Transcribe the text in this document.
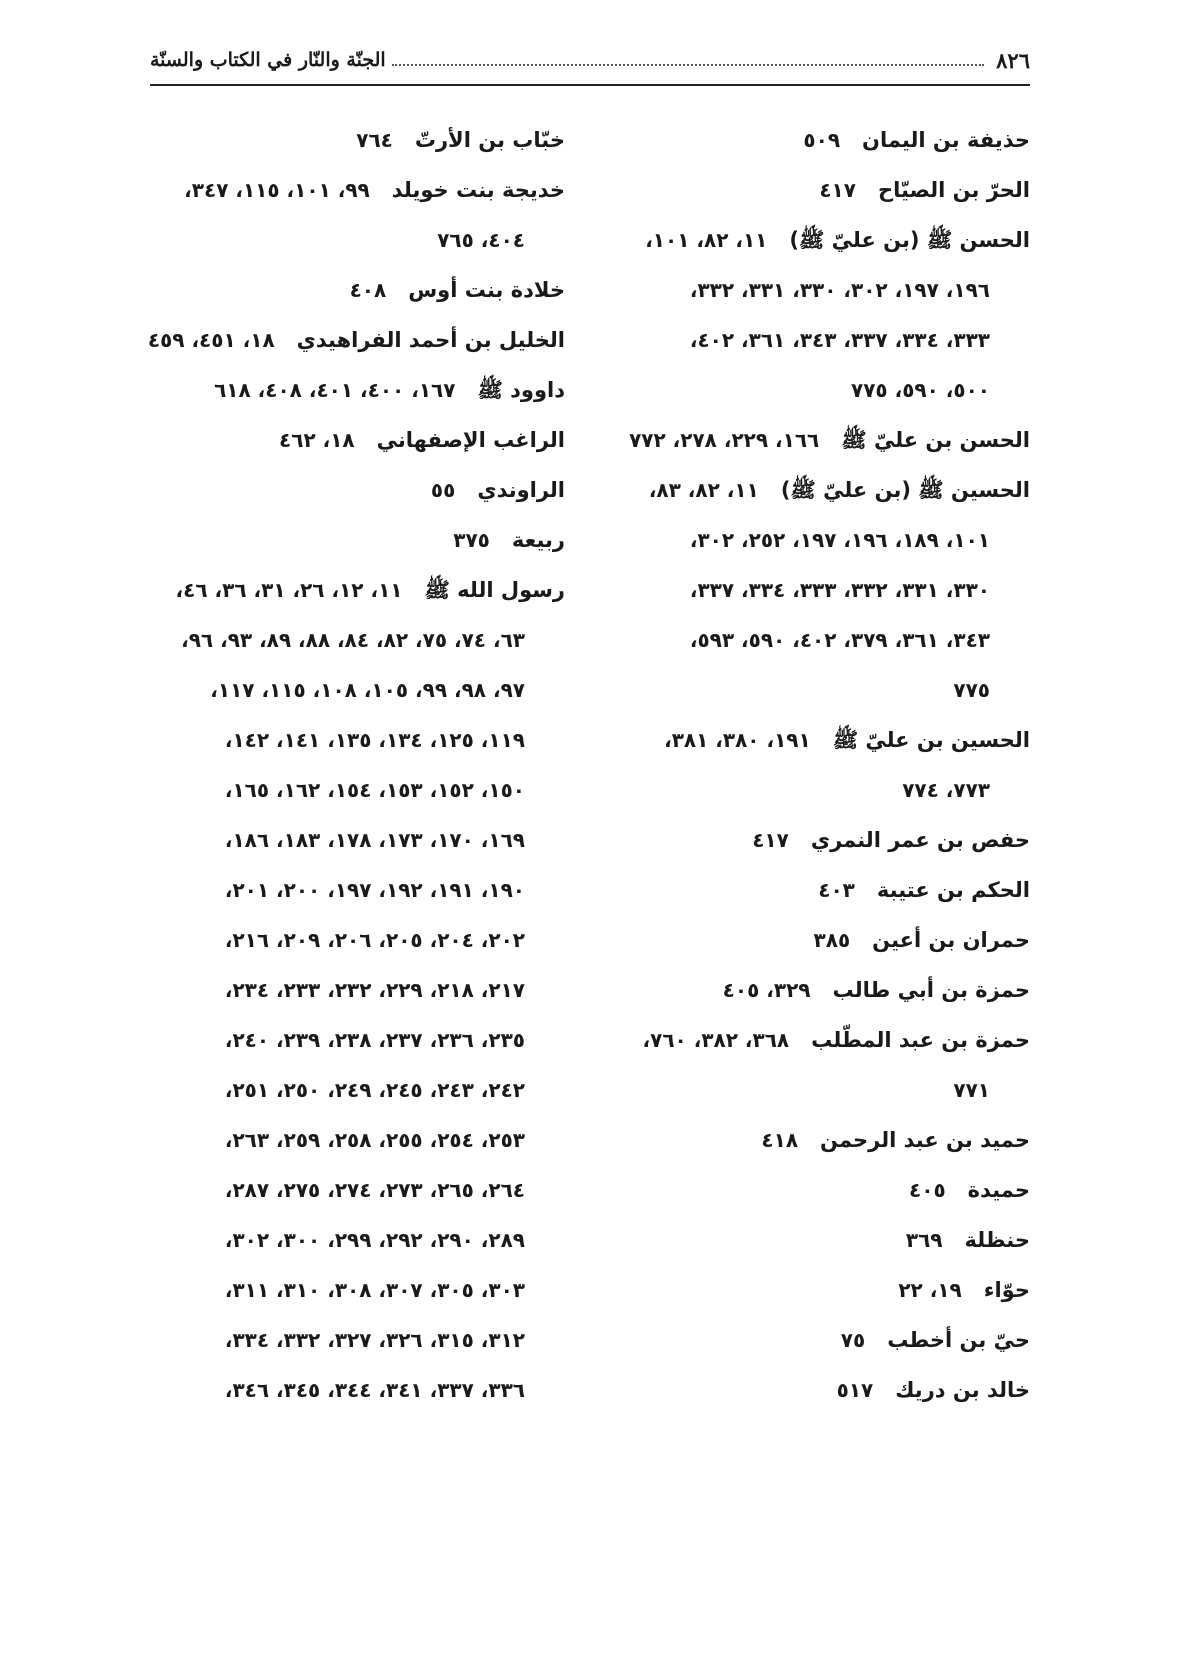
٨٢٦
الجنّة والنّار في الكتاب والسنّة
حذيفة بن اليمان٥٠٩
الحرّ بن الصيّاح٤١٧
الحسن ﷺ (بن عليّ ﷺ)١١، ٨٢، ١٠١،
١٩٦، ١٩٧، ٣٠٢، ٣٣٠، ٣٣١، ٣٣٢،
٣٣٣، ٣٣٤، ٣٣٧، ٣٤٣، ٣٦١، ٤٠٢،
٥٠٠، ٥٩٠، ٧٧٥
الحسن بن عليّ ﷺ١٦٦، ٢٢٩، ٢٧٨، ٧٧٢
الحسين ﷺ (بن عليّ ﷺ)١١، ٨٢، ٨٣،
١٠١، ١٨٩، ١٩٦، ١٩٧، ٢٥٢، ٣٠٢،
٣٣٠، ٣٣١، ٣٣٢، ٣٣٣، ٣٣٤، ٣٣٧،
٣٤٣، ٣٦١، ٣٧٩، ٤٠٢، ٥٩٠، ٥٩٣،
٧٧٥
الحسين بن عليّ ﷺ١٩١، ٣٨٠، ٣٨١،
٧٧٣، ٧٧٤
حفص بن عمر النمري٤١٧
الحكم بن عتيبة٤٠٣
حمران بن أعين٣٨٥
حمزة بن أبي طالب٣٢٩، ٤٠٥
حمزة بن عبد المطّلب٣٦٨، ٣٨٢، ٧٦٠،
٧٧١
حميد بن عبد الرحمن٤١٨
حميدة٤٠٥
حنظلة٣٦٩
حوّاء١٩، ٢٢
حيّ بن أخطب٧٥
خالد بن دريك٥١٧
خبّاب بن الأرتّ٧٦٤
خديجة بنت خويلد٩٩، ١٠١، ١١٥، ٣٤٧،
٤٠٤، ٧٦٥
خلادة بنت أوس٤٠٨
الخليل بن أحمد الفراهيدي١٨، ٤٥١، ٤٥٩
داوود ﷺ١٦٧، ٤٠٠، ٤٠١، ٤٠٨، ٦١٨
الراغب الإصفهاني١٨، ٤٦٢
الراوندي٥٥
ربيعة٣٧٥
رسول الله ﷺ١١، ١٢، ٢٦، ٣١، ٣٦، ٤٦،
٦٣، ٧٤، ٧٥، ٨٢، ٨٤، ٨٨، ٨٩، ٩٣، ٩٦،
٩٧، ٩٨، ٩٩، ١٠٥، ١٠٨، ١١٥، ١١٧،
١١٩، ١٢٥، ١٣٤، ١٣٥، ١٤١، ١٤٢،
١٥٠، ١٥٢، ١٥٣، ١٥٤، ١٦٢، ١٦٥،
١٦٩، ١٧٠، ١٧٣، ١٧٨، ١٨٣، ١٨٦،
١٩٠، ١٩١، ١٩٢، ١٩٧، ٢٠٠، ٢٠١،
٢٠٢، ٢٠٤، ٢٠٥، ٢٠٦، ٢٠٩، ٢١٦،
٢١٧، ٢١٨، ٢٢٩، ٢٣٢، ٢٣٣، ٢٣٤،
٢٣٥، ٢٣٦، ٢٣٧، ٢٣٨، ٢٣٩، ٢٤٠،
٢٤٢، ٢٤٣، ٢٤٥، ٢٤٩، ٢٥٠، ٢٥١،
٢٥٣، ٢٥٤، ٢٥٥، ٢٥٨، ٢٥٩، ٢٦٣،
٢٦٤، ٢٦٥، ٢٧٣، ٢٧٤، ٢٧٥، ٢٨٧،
٢٨٩، ٢٩٠، ٢٩٢، ٢٩٩، ٣٠٠، ٣٠٢،
٣٠٣، ٣٠٥، ٣٠٧، ٣٠٨، ٣١٠، ٣١١،
٣١٢، ٣١٥، ٣٢٦، ٣٢٧، ٣٣٢، ٣٣٤،
٣٣٦، ٣٣٧، ٣٤١، ٣٤٤، ٣٤٥، ٣٤٦،
